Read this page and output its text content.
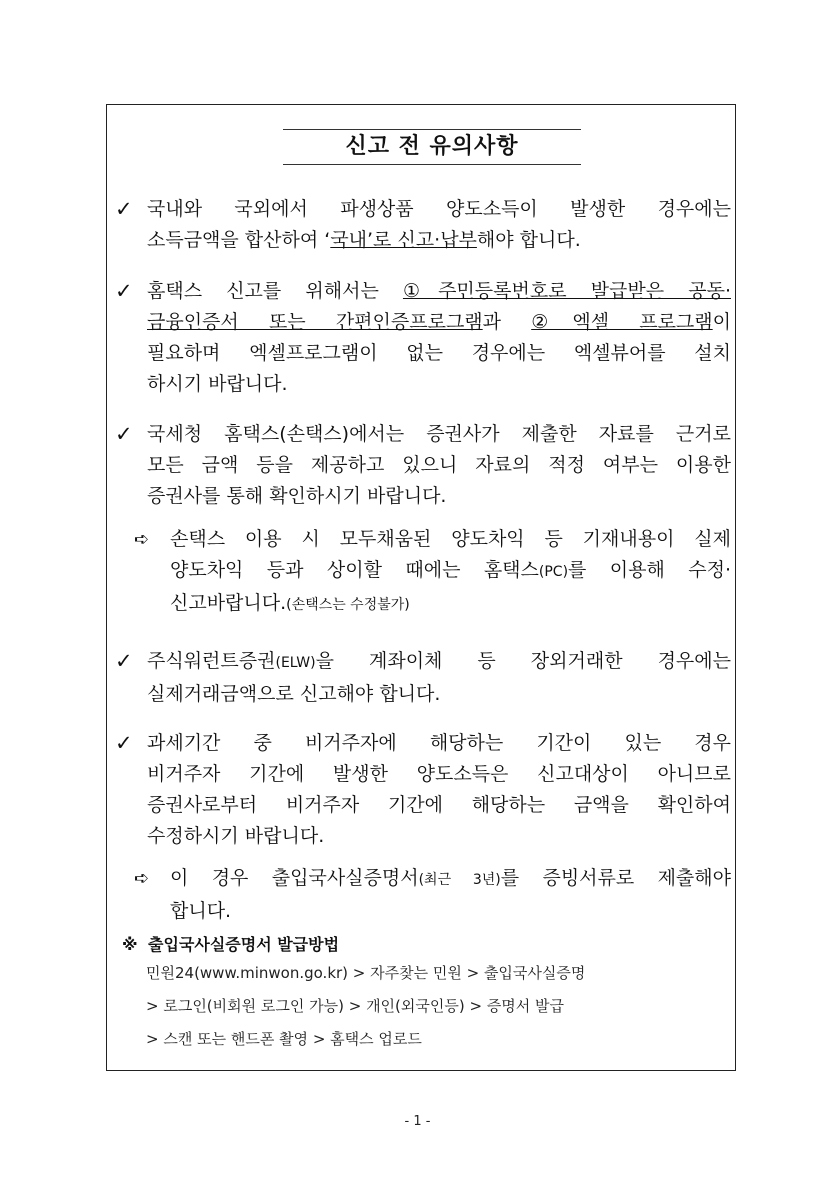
신고 전 유의사항
✓ 국내와 국외에서 파생상품 양도소득이 발생한 경우에는
소득금액을 합산하여 ‘국내’로 신고·납부해야 합니다.
✓ 홈택스 신고를 위해서는 ①주민등록번호로 발급받은 공동·
금융인증서 또는 간편인증프로그램과 ②엑셀 프로그램이
필요하며 엑셀프로그램이 없는 경우에는 엑셀뷰어를 설치
하시기 바랍니다.
✓ 국세청 홈택스(손택스)에서는 증권사가 제출한 자료를 근거로
모든 금액 등을 제공하고 있으니 자료의 적정 여부는 이용한
증권사를 통해 확인하시기 바랍니다.
➪	손택스 이용 시 모두채움된 양도차익 등 기재내용이 실제
양도차익 등과 상이할 때에는 홈택스(PC)를 이용해 수정·
신고바랍니다.(손택스는 수정불가)
✓ 주식워런트증권(ELW)을 계좌이체 등 장외거래한 경우에는
실제거래금액으로 신고해야 합니다.
✓ 과세기간 중 비거주자에 해당하는 기간이 있는 경우
비거주자 기간에 발생한 양도소득은 신고대상이 아니므로
증권사로부터 비거주자 기간에 해당하는 금액을 확인하여
수정하시기 바랍니다.
➪	이 경우 출입국사실증명서(최근 3년)를 증빙서류로 제출해야
합니다.
※ 출입국사실증명서 발급방법
민원24(www.minwon.go.kr) > 자주찾는 민원 > 출입국사실증명
> 로그인(비회원 로그인 가능) > 개인(외국인등) > 증명서 발급
> 스캔 또는 핸드폰 촬영 > 홈택스 업로드
- 1 -
